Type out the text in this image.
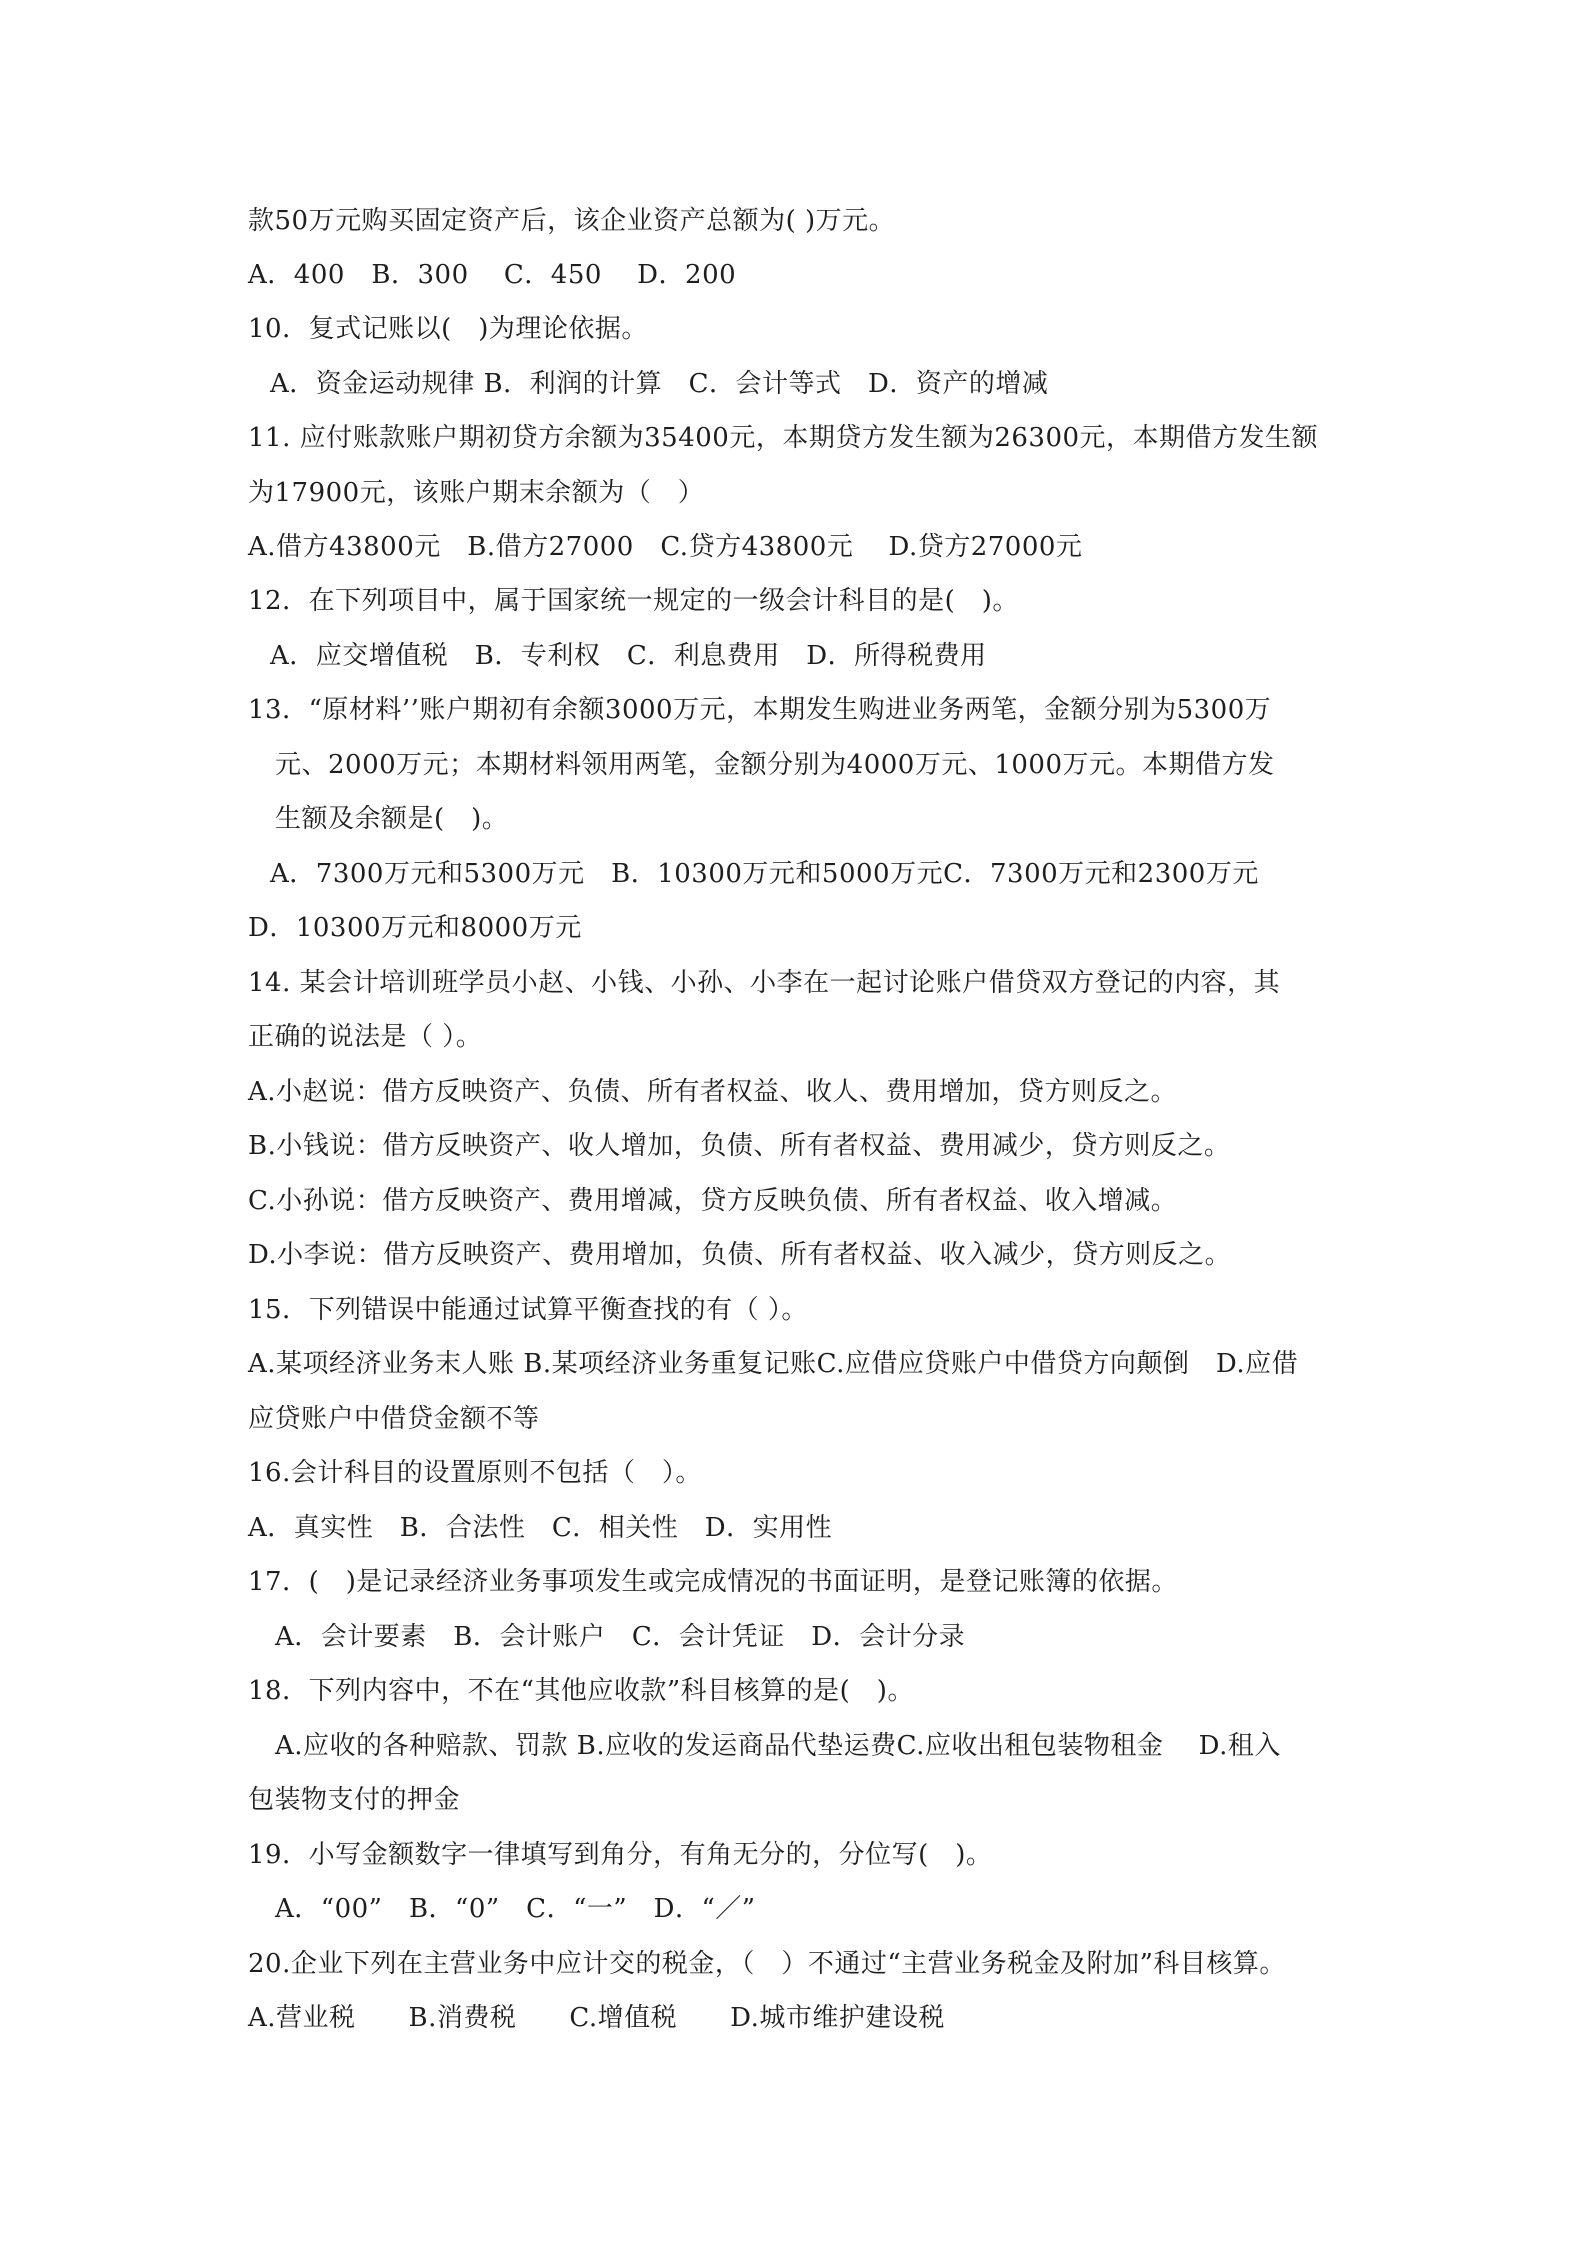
款50万元购买固定资产后，该企业资产总额为( )万元。
A．400　B．300　 C．450　 D．200
10．复式记账以(　)为理论依据。
A．资金运动规律 B．利润的计算　C．会计等式　D．资产的增减
11. 应付账款账户期初贷方余额为35400元，本期贷方发生额为26300元，本期借方发生额
为17900元，该账户期末余额为（　）
A.借方43800元　B.借方27000　C.贷方43800元　 D.贷方27000元
12．在下列项目中，属于国家统一规定的一级会计科目的是(　)。
A．应交增值税　B．专利权　C．利息费用　D．所得税费用
13．“原材料’’账户期初有余额3000万元，本期发生购进业务两笔，金额分别为5300万
元、2000万元；本期材料领用两笔，金额分别为4000万元、1000万元。本期借方发
生额及余额是(　)。
A．7300万元和5300万元　B．10300万元和5000万元C．7300万元和2300万元
D．10300万元和8000万元
14. 某会计培训班学员小赵、小钱、小孙、小李在一起讨论账户借贷双方登记的内容，其
正确的说法是（ ）。
A.小赵说：借方反映资产、负债、所有者权益、收人、费用增加，贷方则反之。
B.小钱说：借方反映资产、收人增加，负债、所有者权益、费用减少，贷方则反之。
C.小孙说：借方反映资产、费用增减，贷方反映负债、所有者权益、收入增减。
D.小李说：借方反映资产、费用增加，负债、所有者权益、收入减少，贷方则反之。
15．下列错误中能通过试算平衡查找的有（ ）。
A.某项经济业务末人账 B.某项经济业务重复记账C.应借应贷账户中借贷方向颠倒　D.应借
应贷账户中借贷金额不等
16.会计科目的设置原则不包括（　）。
A．真实性　B．合法性　C．相关性　D．实用性
17．(　)是记录经济业务事项发生或完成情况的书面证明，是登记账簿的依据。
A．会计要素　B．会计账户　C．会计凭证　D．会计分录
18．下列内容中，不在“其他应收款”科目核算的是(　)。
A.应收的各种赔款、罚款 B.应收的发运商品代垫运费C.应收出租包装物租金　 D.租入
包装物支付的押金
19．小写金额数字一律填写到角分，有角无分的，分位写(　)。
A．“00”　B．“0”　C．“一”　D．“／”
20.企业下列在主营业务中应计交的税金，（　）不通过“主营业务税金及附加”科目核算。
A.营业税　　B.消费税　　C.增值税　　D.城市维护建设税
